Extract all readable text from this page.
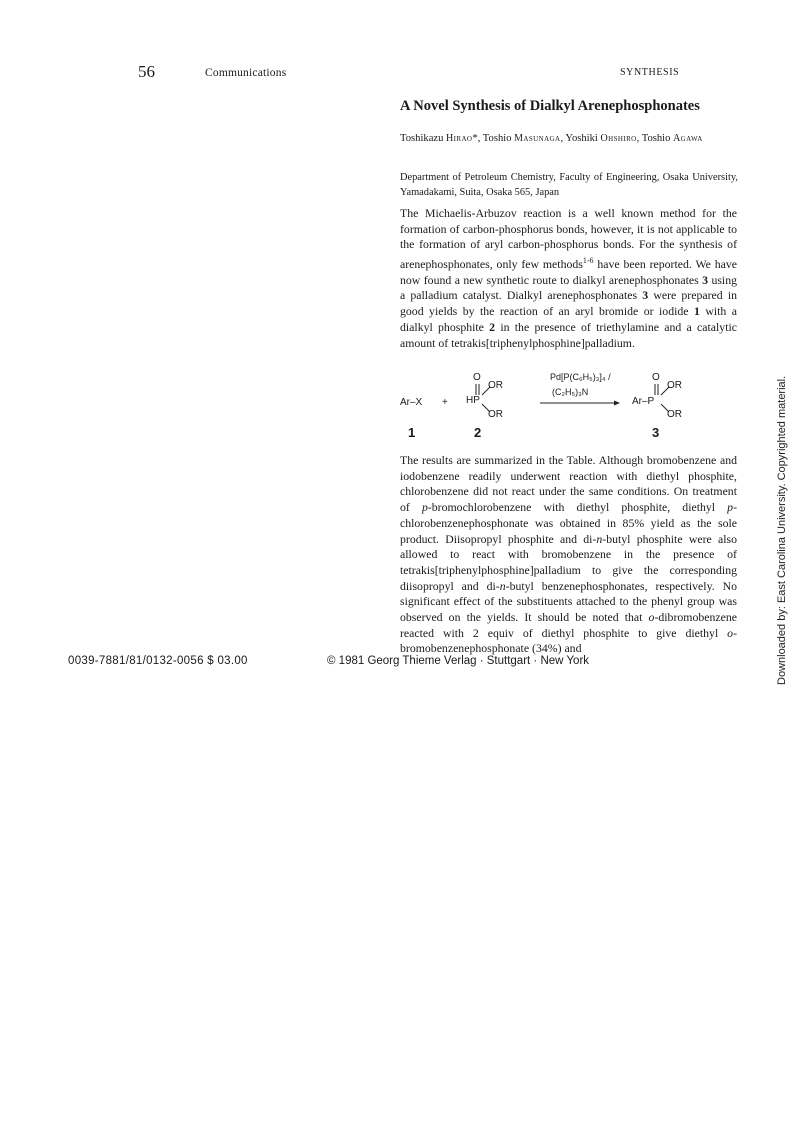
56	Communications	SYNTHESIS
A Novel Synthesis of Dialkyl Arenephosphonates
Toshikazu Hirao*, Toshio Masunaga, Yoshiki Ohshiro, Toshio Agawa
Department of Petroleum Chemistry, Faculty of Engineering, Osaka University, Yamadakami, Suita, Osaka 565, Japan

The Michaelis-Arbuzov reaction is a well known method for the formation of carbon-phosphorus bonds, however, it is not applicable to the formation of aryl carbon-phosphorus bonds. For the synthesis of arenephosphonates, only few methods$^{1-6}$ have been reported. We have now found a new synthetic route to dialkyl arenephosphonates 3 using a palladium catalyst. Dialkyl arenephosphonates 3 were prepared in good yields by the reaction of an aryl bromide or iodide 1 with a dialkyl phosphite 2 in the presence of triethylamine and a catalytic amount of tetrakis[triphenylphosphine]palladium.

O
OR
Ar–X + HP
OR
Pd[P(C₆H₅)₃]₄ /
(C₂H₅)₃N
O
OR
Ar–P
OR
1	2	3

The results are summarized in the Table. Although bromobenzene and iodobenzene readily underwent reaction with diethyl phosphite, chlorobenzene did not react under the same conditions. On treatment of p-bromochlorobenzene with diethyl phosphite, diethyl p-chlorobenzenephosphonate was obtained in 85% yield as the sole product. Diisopropyl phosphite and di-n-butyl phosphite were also allowed to react with bromobenzene in the presence of tetrakis[triphenylphosphine]palladium to give the corresponding diisopropyl and di-n-butyl benzenephosphonates, respectively. No significant effect of the substituents attached to the phenyl group was observed on the yields. It should be noted that o-dibromobenzene reacted with 2 equiv of diethyl phosphite to give diethyl o-bromobenzenephosphonate (34%) and

0039-7881/81/0132-0056 $ 03.00	© 1981 Georg Thieme Verlag · Stuttgart · New York	Downloaded by: East Carolina University. Copyrighted material.
